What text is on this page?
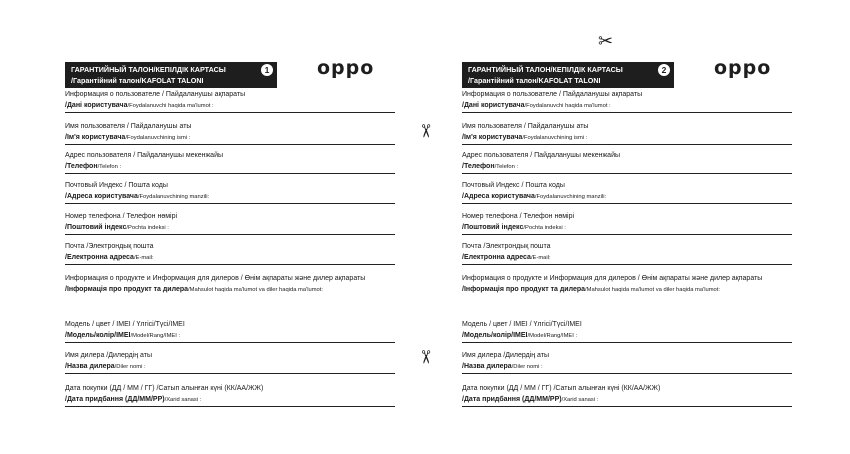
✂
✂
✂
ГАРАНТИЙНЫЙ ТАЛОН/КЕПІЛДІК КАРТАСЫ
/Гарантійний талон/KAFOLAT TALONI
1	oppo
Информация о пользователе / Пайдаланушы ақпараты
/Дані користувача/Foydalanuvchi haqida ma'lumot :
Имя пользователя / Пайдаланушы аты
/Ім'я користувача/Foydalanuvchining ismi :
Адрес пользователя / Пайдаланушы мекенжайы
/Телефон/Telefon :
Почтовый Индекс / Пошта коды
/Адреса користувача/Foydalanuvchining manzili:
Номер телефона / Телефон нөмірі
/Поштовий індекс/Pochta indeksi :
Почта /Электрондық пошта
/Електронна адреса/E-mail:
Информация о продукте и Информация для дилеров / Өнім ақпараты және дилер ақпараты
/Інформація про продукт та дилера/Mahsulot haqida ma'lumot va diler haqida ma'lumot:
Модель / цвет / IMEI / Үлгісі/Түсі/IMEI
/Модель/колір/IMEI/Model/Rang/IMEI :
Имя дилера /Дилердің аты
/Назва дилера/Diler nomi :
Дата покупки (ДД / ММ / ГГ) /Сатып алынған күні (КК/АА/ЖЖ)
/Дата придбання (ДД/ММ/РР)/Xarid sanasi :
ГАРАНТИЙНЫЙ ТАЛОН/КЕПІЛДІК КАРТАСЫ
/Гарантійний талон/KAFOLAT TALONI
2	oppo
Информация о пользователе / Пайдаланушы ақпараты
/Дані користувача/Foydalanuvchi haqida ma'lumot :
Имя пользователя / Пайдаланушы аты
/Ім'я користувача/Foydalanuvchining ismi :
Адрес пользователя / Пайдаланушы мекенжайы
/Телефон/Telefon :
Почтовый Индекс / Пошта коды
/Адреса користувача/Foydalanuvchining manzili:
Номер телефона / Телефон нөмірі
/Поштовий індекс/Pochta indeksi :
Почта /Электрондық пошта
/Електронна адреса/E-mail:
Информация о продукте и Информация для дилеров / Өнім ақпараты және дилер ақпараты
/Інформація про продукт та дилера/Mahsulot haqida ma'lumot va diler haqida ma'lumot:
Модель / цвет / IMEI / Үлгісі/Түсі/IMEI
/Модель/колір/IMEI/Model/Rang/IMEI :
Имя дилера /Дилердің аты
/Назва дилера/Diler nomi :
Дата покупки (ДД / ММ / ГГ) /Сатып алынған күні (КК/АА/ЖЖ)
/Дата придбання (ДД/ММ/РР)/Xarid sanasi :
